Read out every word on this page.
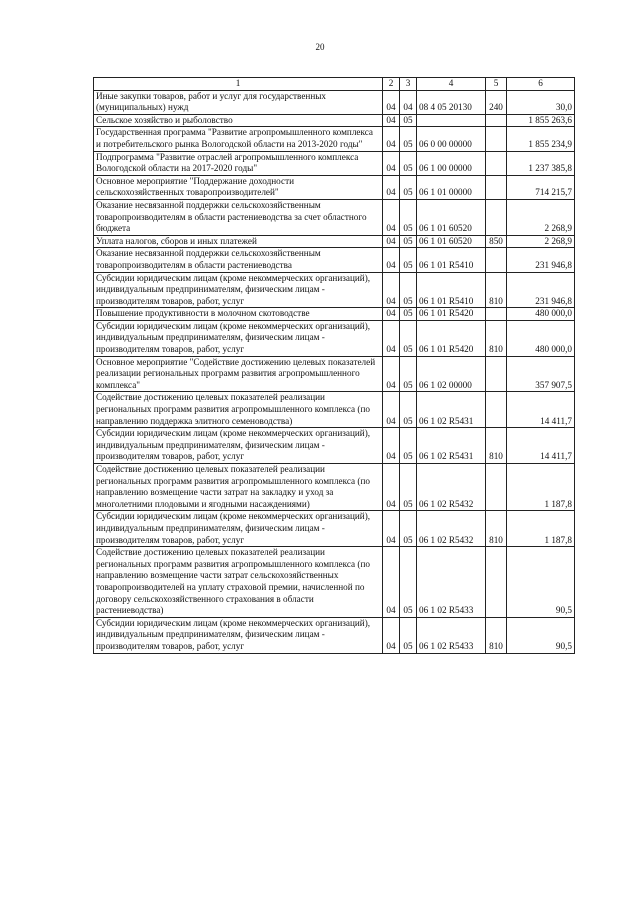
20
1	2	3	4	5	6
Иные закупки товаров, работ и услуг для государственных (муниципальных) нужд	04	04	08 4 05 20130	240	30,0
Сельское хозяйство и рыболовство	04	05			1 855 263,6
Государственная программа "Развитие агропромышленного комплекса и потребительского рынка Вологодской области на 2013-2020 годы"	04	05	06 0 00 00000		1 855 234,9
Подпрограмма "Развитие отраслей агропромышленного комплекса Вологодской области на 2017-2020 годы"	04	05	06 1 00 00000		1 237 385,8
Основное мероприятие "Поддержание доходности сельскохозяйственных товаропроизводителей"	04	05	06 1 01 00000		714 215,7
Оказание несвязанной поддержки сельскохозяйственным товаропроизводителям в области растениеводства за счет областного бюджета	04	05	06 1 01 60520		2 268,9
Уплата налогов, сборов и иных платежей	04	05	06 1 01 60520	850	2 268,9
Оказание несвязанной поддержки сельскохозяйственным товаропроизводителям в области растениеводства	04	05	06 1 01 R5410		231 946,8
Субсидии юридическим лицам (кроме некоммерческих организаций), индивидуальным предпринимателям, физическим лицам - производителям товаров, работ, услуг	04	05	06 1 01 R5410	810	231 946,8
Повышение продуктивности в молочном скотоводстве	04	05	06 1 01 R5420		480 000,0
Субсидии юридическим лицам (кроме некоммерческих организаций), индивидуальным предпринимателям, физическим лицам - производителям товаров, работ, услуг	04	05	06 1 01 R5420	810	480 000,0
Основное мероприятие "Содействие достижению целевых показателей реализации региональных программ развития агропромышленного комплекса"	04	05	06 1 02 00000		357 907,5
Содействие достижению целевых показателей реализации региональных программ развития агропромышленного комплекса (по направлению поддержка элитного семеноводства)	04	05	06 1 02 R5431		14 411,7
Субсидии юридическим лицам (кроме некоммерческих организаций), индивидуальным предпринимателям, физическим лицам - производителям товаров, работ, услуг	04	05	06 1 02 R5431	810	14 411,7
Содействие достижению целевых показателей реализации региональных программ развития агропромышленного комплекса (по направлению возмещение части затрат на закладку и уход за многолетними плодовыми и ягодными насаждениями)	04	05	06 1 02 R5432		1 187,8
Субсидии юридическим лицам (кроме некоммерческих организаций), индивидуальным предпринимателям, физическим лицам - производителям товаров, работ, услуг	04	05	06 1 02 R5432	810	1 187,8
Содействие достижению целевых показателей реализации региональных программ развития агропромышленного комплекса (по направлению возмещение части затрат сельскохозяйственных товаропроизводителей на уплату страховой премии, начисленной по договору сельскохозяйственного страхования в области растениеводства)	04	05	06 1 02 R5433		90,5
Субсидии юридическим лицам (кроме некоммерческих организаций), индивидуальным предпринимателям, физическим лицам - производителям товаров, работ, услуг	04	05	06 1 02 R5433	810	90,5
